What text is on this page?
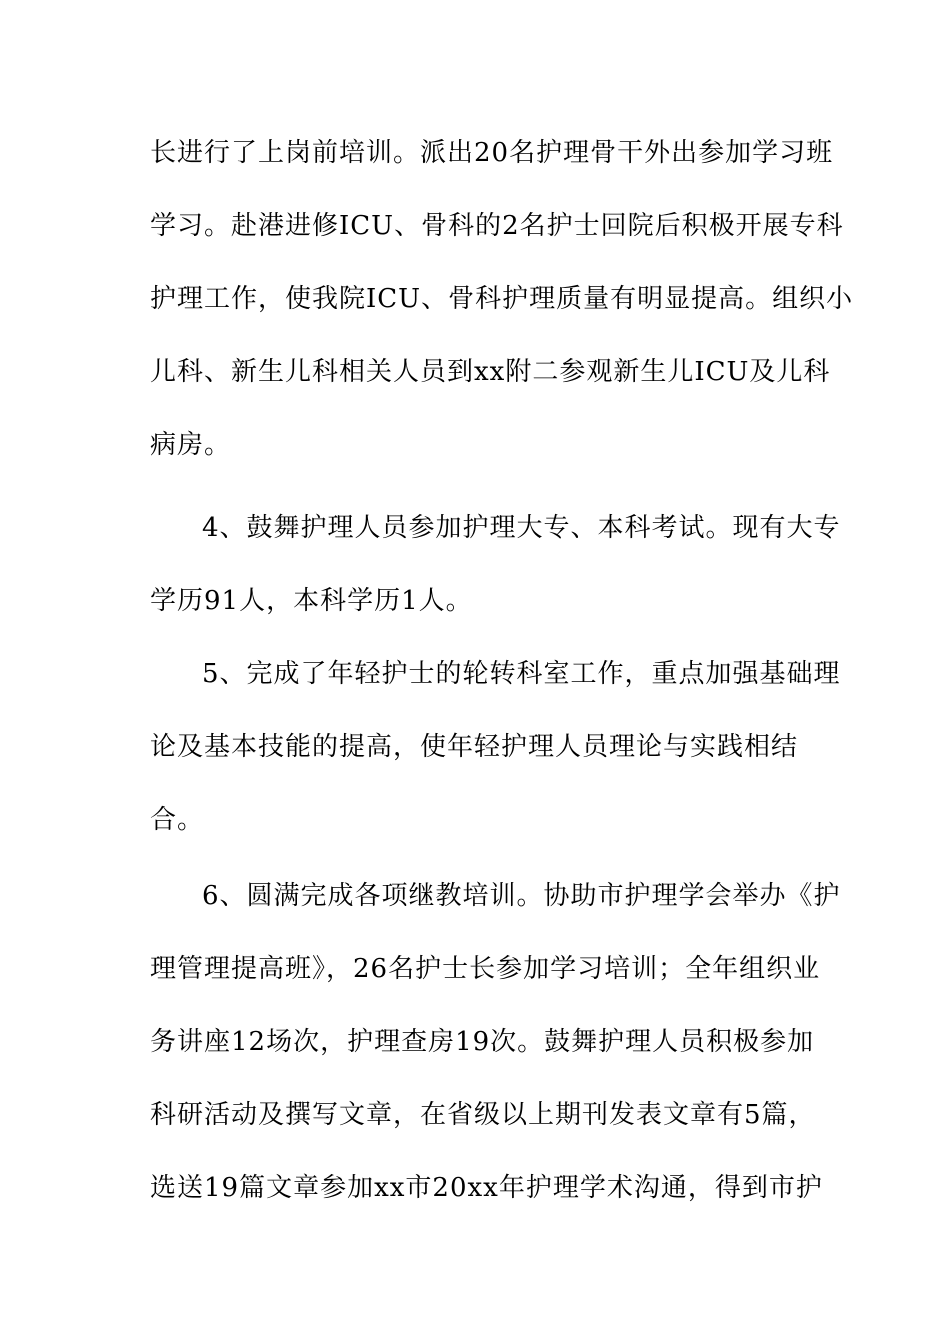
长进行了上岗前培训。派出20名护理骨干外出参加学习班
学习。赴港进修ICU、骨科的2名护士回院后积极开展专科
护理工作，使我院ICU、骨科护理质量有明显提高。组织小
儿科、新生儿科相关人员到xx附二参观新生儿ICU及儿科
病房。
4、鼓舞护理人员参加护理大专、本科考试。现有大专
学历91人，本科学历1人。
5、完成了年轻护士的轮转科室工作，重点加强基础理
论及基本技能的提高，使年轻护理人员理论与实践相结
合。
6、圆满完成各项继教培训。协助市护理学会举办《护
理管理提高班》，26名护士长参加学习培训；全年组织业
务讲座12场次，护理查房19次。鼓舞护理人员积极参加
科研活动及撰写文章，在省级以上期刊发表文章有5篇，
选送19篇文章参加xx市20xx年护理学术沟通，得到市护
